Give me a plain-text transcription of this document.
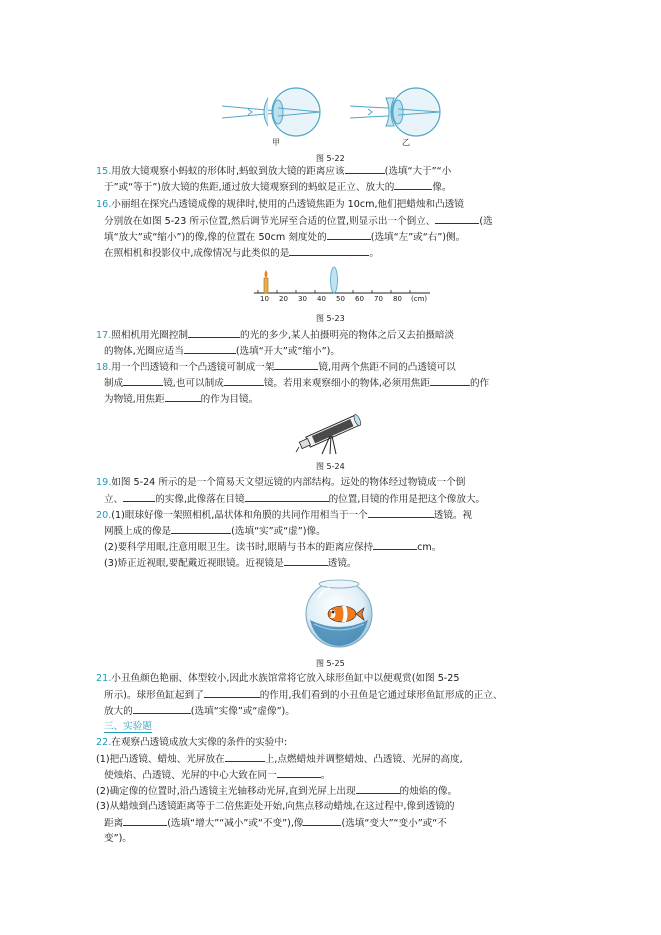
甲	乙
图 5-22
15.用放大镜观察小蚂蚁的形体时,蚂蚁到放大镜的距离应该	(选填“大于”“小
于”或“等于”)放大镜的焦距,通过放大镜观察到的蚂蚁是正立、放大的	像。
16.小丽组在探究凸透镜成像的规律时,使用的凸透镜焦距为 10cm,他们把蜡烛和凸透镜
分别放在如图 5-23 所示位置,然后调节光屏至合适的位置,则显示出一个倒立、	(选
填“放大”或“缩小”)的像,像的位置在 50cm 刻度处的	(选填“左”或“右”)侧。
在照相机和投影仪中,成像情况与此类似的是	。
10 20 30 40 50 60 70 80 (cm)
图 5-23
17.照相机用光圈控制	的光的多少,某人拍摄明亮的物体之后又去拍摄暗淡
的物体,光圈应适当	(选填“开大”或“缩小”)。
18.用一个凹透镜和一个凸透镜可制成一架	镜,用两个焦距不同的凸透镜可以
制成	镜,也可以制成	镜。若用来观察细小的物体,必须用焦距	的作
为物镜,用焦距	的作为目镜。
图 5-24
19.如图 5-24 所示的是一个简易天文望远镜的内部结构。远处的物体经过物镜成一个倒
立、	的实像,此像落在目镜	的位置,目镜的作用是把这个像放大。
20.(1)眼球好像一架照相机,晶状体和角膜的共同作用相当于一个	透镜。视
网膜上成的像是	(选填“实”或“虚”)像。
(2)要科学用眼,注意用眼卫生。读书时,眼睛与书本的距离应保持	cm。
(3)矫正近视眼,要配戴近视眼镜。近视镜是	透镜。
图 5-25
21.小丑鱼颜色艳丽、体型较小,因此水族馆常将它放入球形鱼缸中以便观赏(如图 5-25
所示)。球形鱼缸起到了	的作用,我们看到的小丑鱼是它通过球形鱼缸形成的正立、
放大的	(选填“实像”或“虚像”)。
三、实验题
22.在观察凸透镜成放大实像的条件的实验中:
(1)把凸透镜、蜡烛、光屏放在	上,点燃蜡烛并调整蜡烛、凸透镜、光屏的高度,
使烛焰、凸透镜、光屏的中心大致在同一	。
(2)确定像的位置时,沿凸透镜主光轴移动光屏,直到光屏上出现	的烛焰的像。
(3)从蜡烛到凸透镜距离等于二倍焦距处开始,向焦点移动蜡烛,在这过程中,像到透镜的
距离	(选填“增大”“减小”或“不变”),像	(选填“变大”“变小”或“不
变”)。
